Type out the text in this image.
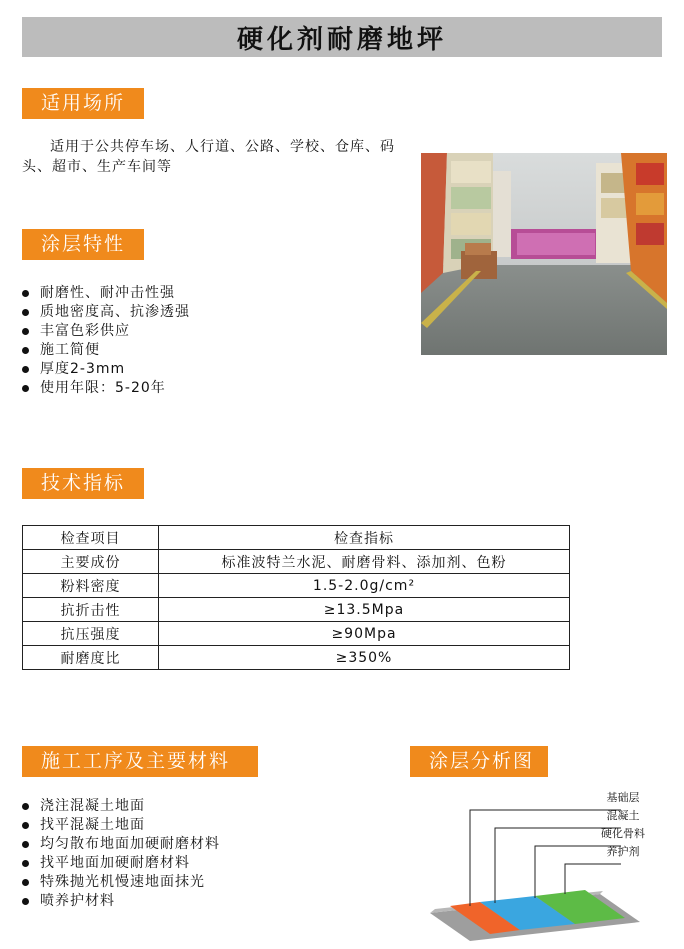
硬化剂耐磨地坪
适用场所
适用于公共停车场、人行道、公路、学校、仓库、码头、超市、生产车间等
涂层特性
耐磨性、耐冲击性强
质地密度高、抗渗透强
丰富色彩供应
施工简便
厚度2-3mm
使用年限：5-20年
技术指标
检查项目	检查指标
主要成份	标准波特兰水泥、耐磨骨料、添加剂、色粉
粉料密度	1.5-2.0g/cm²
抗折击性	≥13.5Mpa
抗压强度	≥90Mpa
耐磨度比	≥350%
施工工序及主要材料
浇注混凝土地面
找平混凝土地面
均匀散布地面加硬耐磨材料
找平地面加硬耐磨材料
特殊抛光机慢速地面抹光
喷养护材料
涂层分析图
基础层
混凝土
硬化骨料
养护剂
